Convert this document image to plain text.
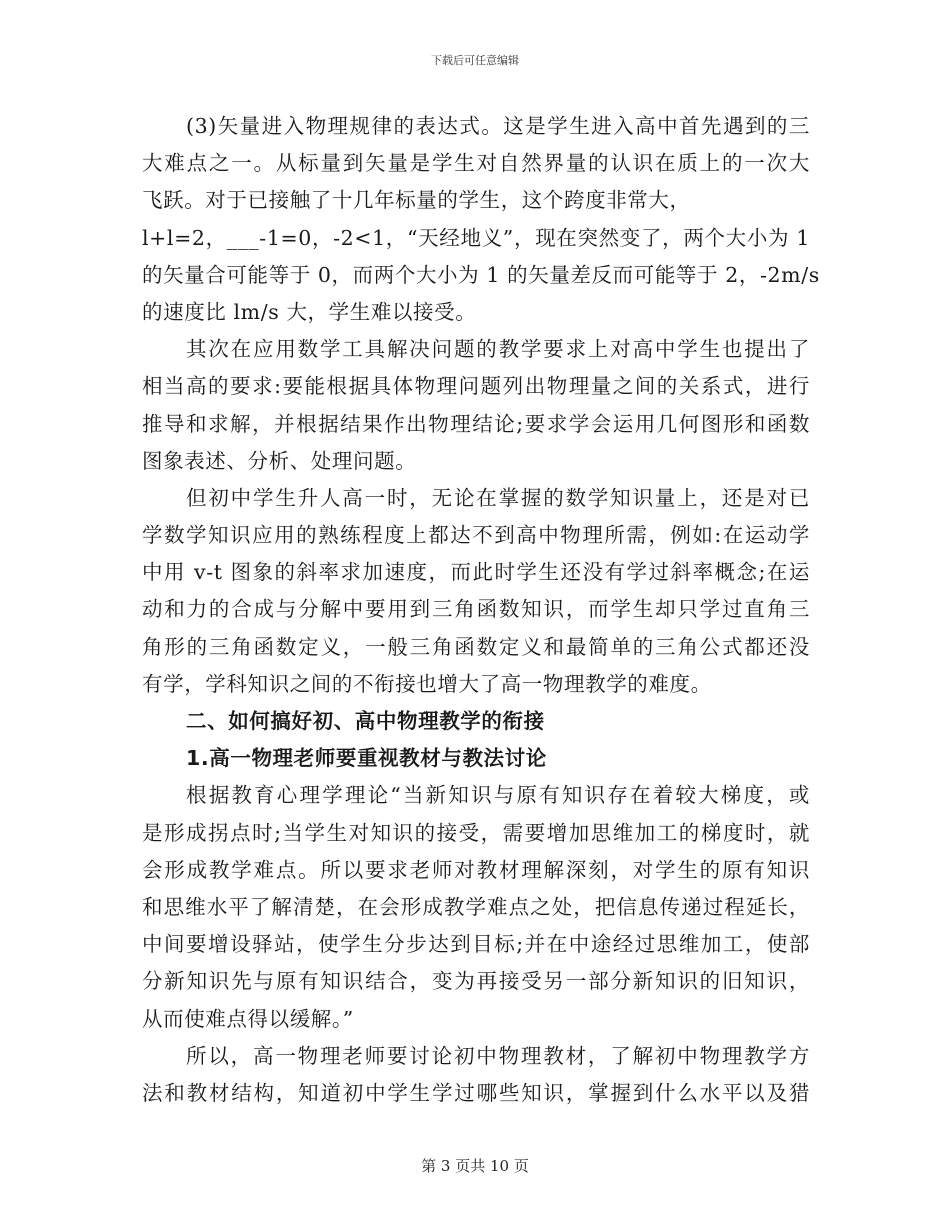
下载后可任意编辑
(3)矢量进入物理规律的表达式。这是学生进入高中首先遇到的三
大难点之一。从标量到矢量是学生对自然界量的认识在质上的一次大
飞跃。对于已接触了十几年标量的学生，这个跨度非常大，
l+l=2，___-1=0，-2<1，“天经地义”，现在突然变了，两个大小为 1
的矢量合可能等于 0，而两个大小为 1 的矢量差反而可能等于 2，-2m/s
的速度比 lm/s 大，学生难以接受。
其次在应用数学工具解决问题的教学要求上对高中学生也提出了
相当高的要求:要能根据具体物理问题列出物理量之间的关系式，进行
推导和求解，并根据结果作出物理结论;要求学会运用几何图形和函数
图象表述、分析、处理问题。
但初中学生升人高一时，无论在掌握的数学知识量上，还是对已
学数学知识应用的熟练程度上都达不到高中物理所需，例如:在运动学
中用 v-t 图象的斜率求加速度，而此时学生还没有学过斜率概念;在运
动和力的合成与分解中要用到三角函数知识，而学生却只学过直角三
角形的三角函数定义，一般三角函数定义和最简单的三角公式都还没
有学，学科知识之间的不衔接也增大了高一物理教学的难度。
二、如何搞好初、高中物理教学的衔接
1.高一物理老师要重视教材与教法讨论
根据教育心理学理论“当新知识与原有知识存在着较大梯度，或
是形成拐点时;当学生对知识的接受，需要增加思维加工的梯度时，就
会形成教学难点。所以要求老师对教材理解深刻，对学生的原有知识
和思维水平了解清楚，在会形成教学难点之处，把信息传递过程延长，
中间要增设驿站，使学生分步达到目标;并在中途经过思维加工，使部
分新知识先与原有知识结合，变为再接受另一部分新知识的旧知识，
从而使难点得以缓解。”
所以，高一物理老师要讨论初中物理教材，了解初中物理教学方
法和教材结构，知道初中学生学过哪些知识，掌握到什么水平以及猎
第 3 页共 10 页
